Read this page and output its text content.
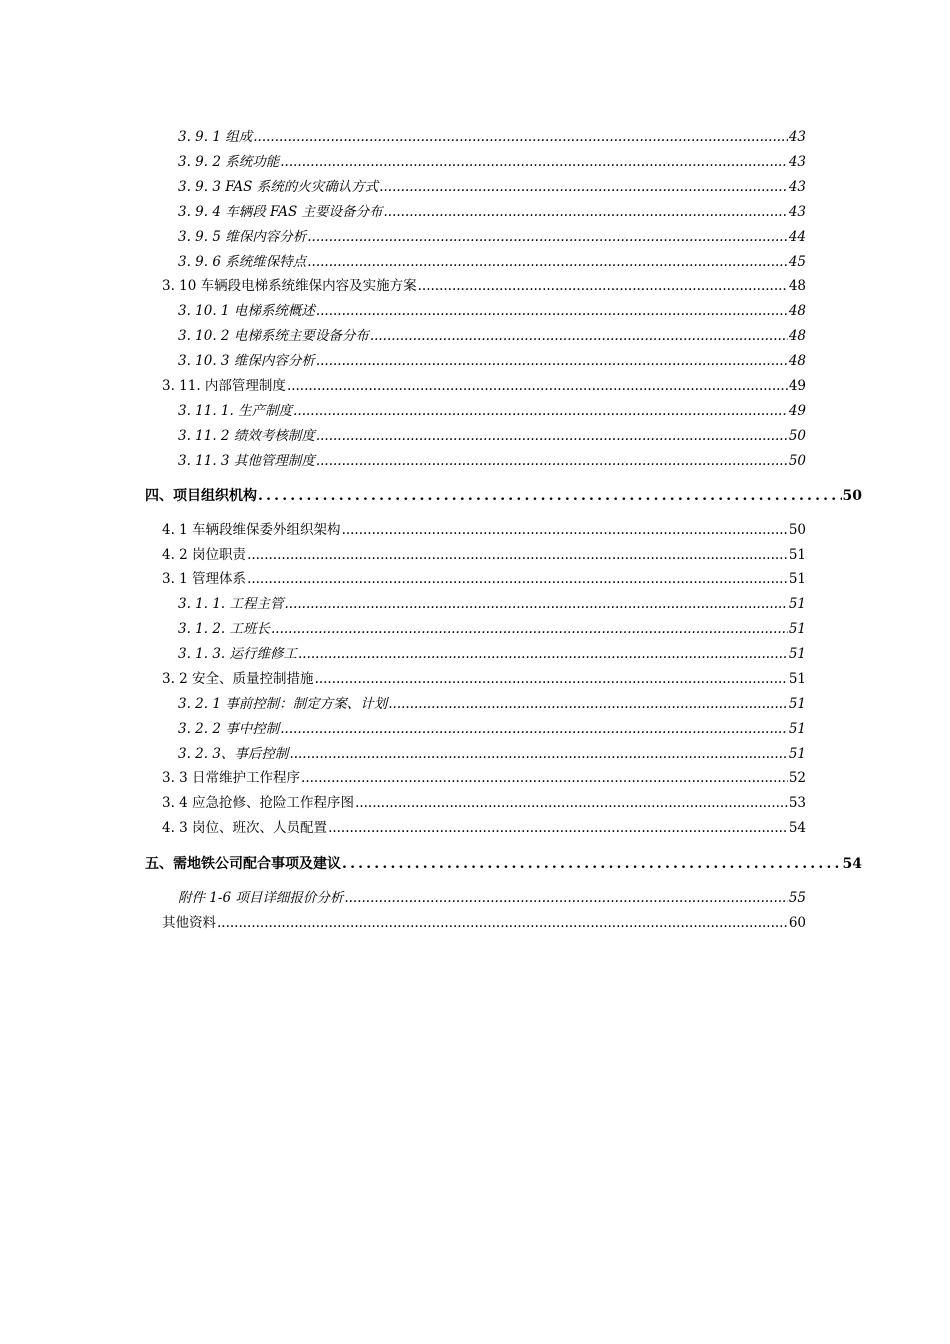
3. 9. 1 组成 .....	43
3. 9. 2 系统功能 .....	43
3. 9. 3 FAS 系统的火灾确认方式 .....	43
3. 9. 4 车辆段 FAS 主要设备分布 .....	43
3. 9. 5 维保内容分析 .....	44
3. 9. 6 系统维保特点 .....	45
3. 10 车辆段电梯系统维保内容及实施方案 .....	48
3. 10. 1 电梯系统概述 .....	48
3. 10. 2 电梯系统主要设备分布 .....	48
3. 10. 3 维保内容分析 .....	48
3. 11. 内部管理制度 .....	49
3. 11. 1. 生产制度 .....	49
3. 11. 2 绩效考核制度 .....	50
3. 11. 3 其他管理制度 .....	50
四、项目组织机构 .....	50
4. 1 车辆段维保委外组织架构 .....	50
4. 2 岗位职责 .....	51
3. 1 管理体系 .....	51
3. 1. 1. 工程主管 .....	51
3. 1. 2. 工班长 .....	51
3. 1. 3. 运行维修工 .....	51
3. 2 安全、质量控制措施 .....	51
3. 2. 1 事前控制：制定方案、计划 .....	51
3. 2. 2 事中控制 .....	51
3. 2. 3、事后控制 .....	51
3. 3 日常维护工作程序 .....	52
3. 4 应急抢修、抢险工作程序图 .....	53
4. 3 岗位、班次、人员配置 .....	54
五、需地铁公司配合事项及建议 .....	54
附件 1-6 项目详细报价分析 .....	55
其他资料 .....	60
